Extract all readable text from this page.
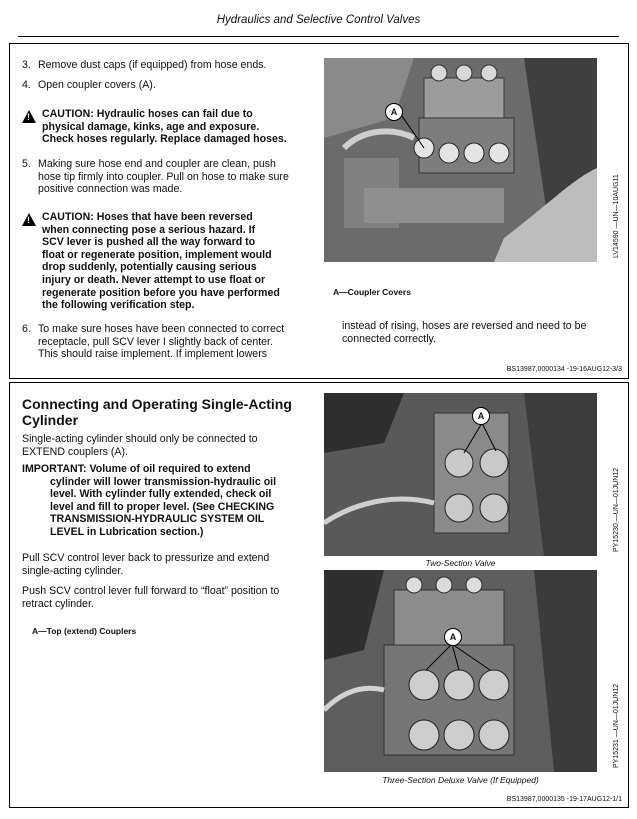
Hydraulics and Selective Control Valves
3. Remove dust caps (if equipped) from hose ends.
4. Open coupler covers (A).
!
CAUTION: Hydraulic hoses can fail due to
physical damage, kinks, age and exposure.
Check hoses regularly. Replace damaged hoses.
5. Making sure hose end and coupler are clean, push
hose tip firmly into coupler. Pull on hose to make sure
positive connection was made.
!
CAUTION: Hoses that have been reversed
when connecting pose a serious hazard. If
SCV lever is pushed all the way forward to
float or regenerate position, implement would
drop suddenly, potentially causing serious
injury or death. Never attempt to use float or
regenerate position before you have performed
the following verification step.
6. To make sure hoses have been connected to correct
receptacle, pull SCV lever I slightly back of center.
This should raise implement. If implement lowers
instead of rising, hoses are reversed and need to be
connected correctly.
A
LV14590 —UN—10AUG11
A—Coupler Covers
BS13987,0000134 -19-16AUG12-3/3
Connecting and Operating Single-Acting
Cylinder
Single-acting cylinder should only be connected to
EXTEND couplers (A).
IMPORTANT: Volume of oil required to extend
cylinder will lower transmission-hydraulic oil
level. With cylinder fully extended, check oil
level and fill to proper level. (See CHECKING
TRANSMISSION-HYDRAULIC SYSTEM OIL
LEVEL in Lubrication section.)
Pull SCV control lever back to pressurize and extend
single-acting cylinder.
Push SCV control lever full forward to “float” position to
retract cylinder.
A—Top (extend) Couplers
A
PY15230 —UN—01JUN12
Two-Section Valve
A
PY15231 —UN—01JUN12
Three-Section Deluxe Valve (If Equipped)
BS13987,0000135 -19-17AUG12-1/1
